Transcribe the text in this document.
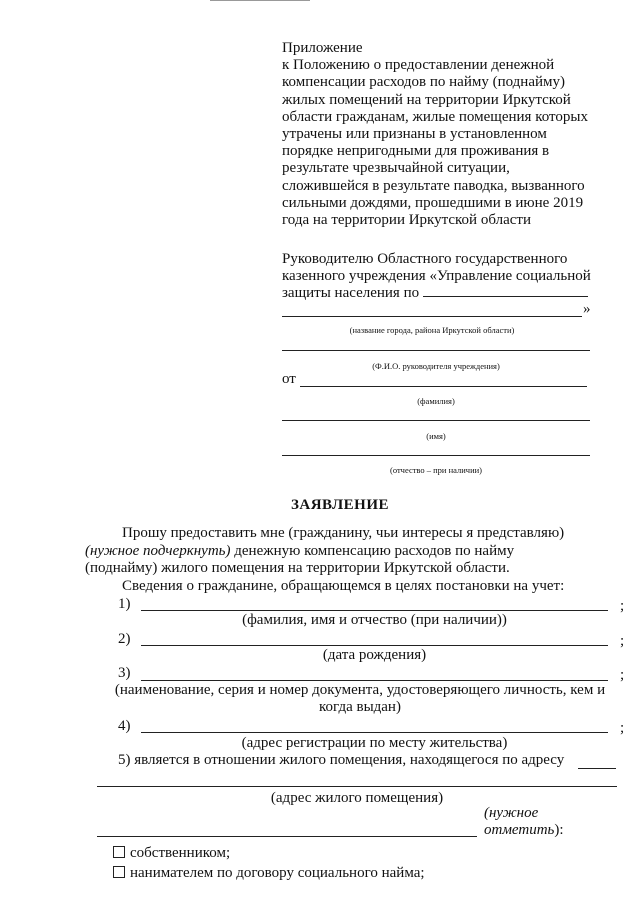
Приложение
к Положению о предоставлении денежной
компенсации расходов по найму (поднайму)
жилых помещений на территории Иркутской
области гражданам, жилые помещения которых
утрачены или признаны в установленном
порядке непригодными для проживания в
результате чрезвычайной ситуации,
сложившейся в результате паводка, вызванного
сильными дождями, прошедшими в июне 2019
года на территории Иркутской области
Руководителю Областного государственного
казенного учреждения «Управление социальной
защиты населения по
»
(название города, района Иркутской области)
(Ф.И.О. руководителя учреждения)
от
(фамилия)
(имя)
(отчество – при наличии)
ЗАЯВЛЕНИЕ
Прошу предоставить мне (гражданину, чьи интересы я представляю)
(нужное подчеркнуть) денежную компенсацию расходов по найму
(поднайму) жилого помещения на территории Иркутской области.
Сведения о гражданине, обращающемся в целях постановки на учет:
1)	;
(фамилия, имя и отчество (при наличии))
2)	;
(дата рождения)
3)	;
(наименование, серия и номер документа, удостоверяющего личность, кем и когда выдан)
4)	;
(адрес регистрации по месту жительства)
5) является в отношении жилого помещения, находящегося по адресу
(адрес жилого помещения)
(нужное
отметить):
собственником;
нанимателем по договору социального найма;
